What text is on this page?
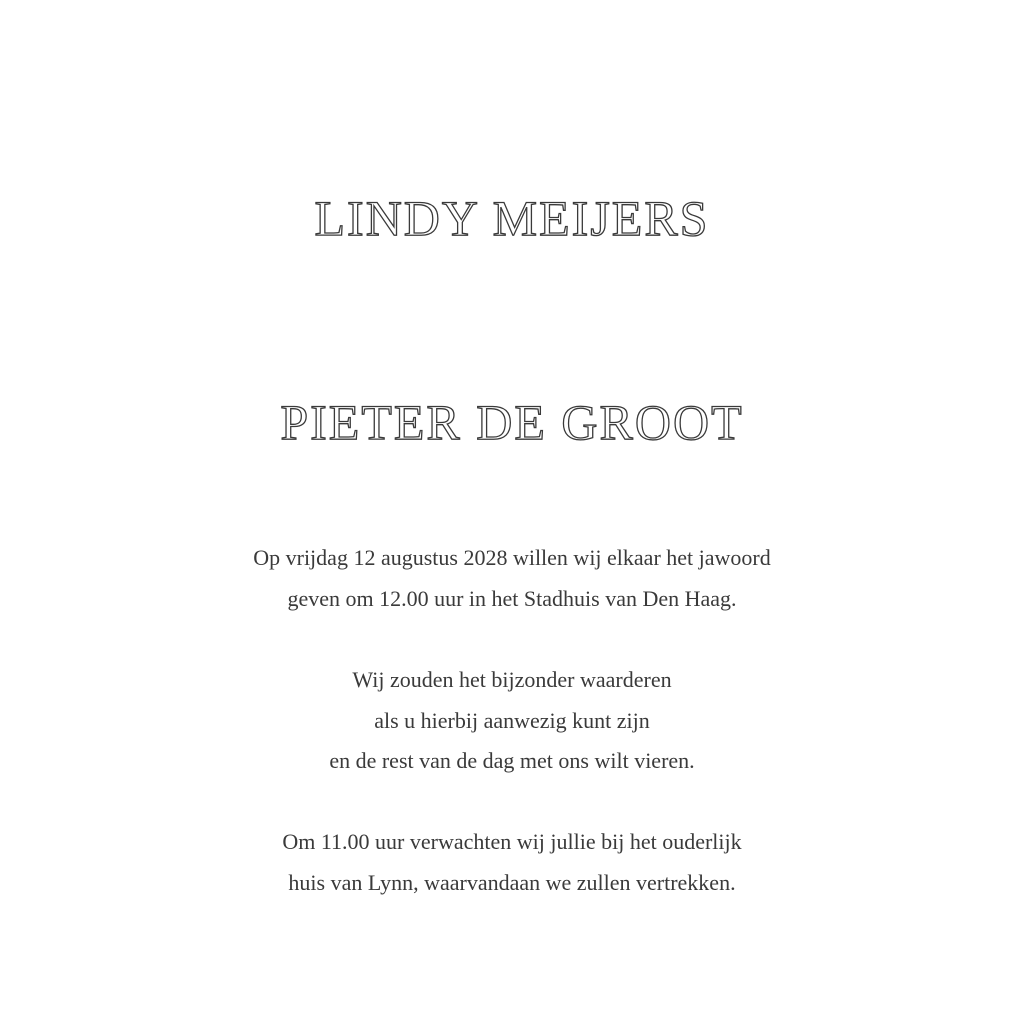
LINDY MEIJERS
PIETER DE GROOT
Op vrijdag 12 augustus 2028 willen wij elkaar het jawoord
geven om 12.00 uur in het Stadhuis van Den Haag.
Wij zouden het bijzonder waarderen
als u hierbij aanwezig kunt zijn
en de rest van de dag met ons wilt vieren.
Om 11.00 uur verwachten wij jullie bij het ouderlijk
huis van Lynn, waarvandaan we zullen vertrekken.
